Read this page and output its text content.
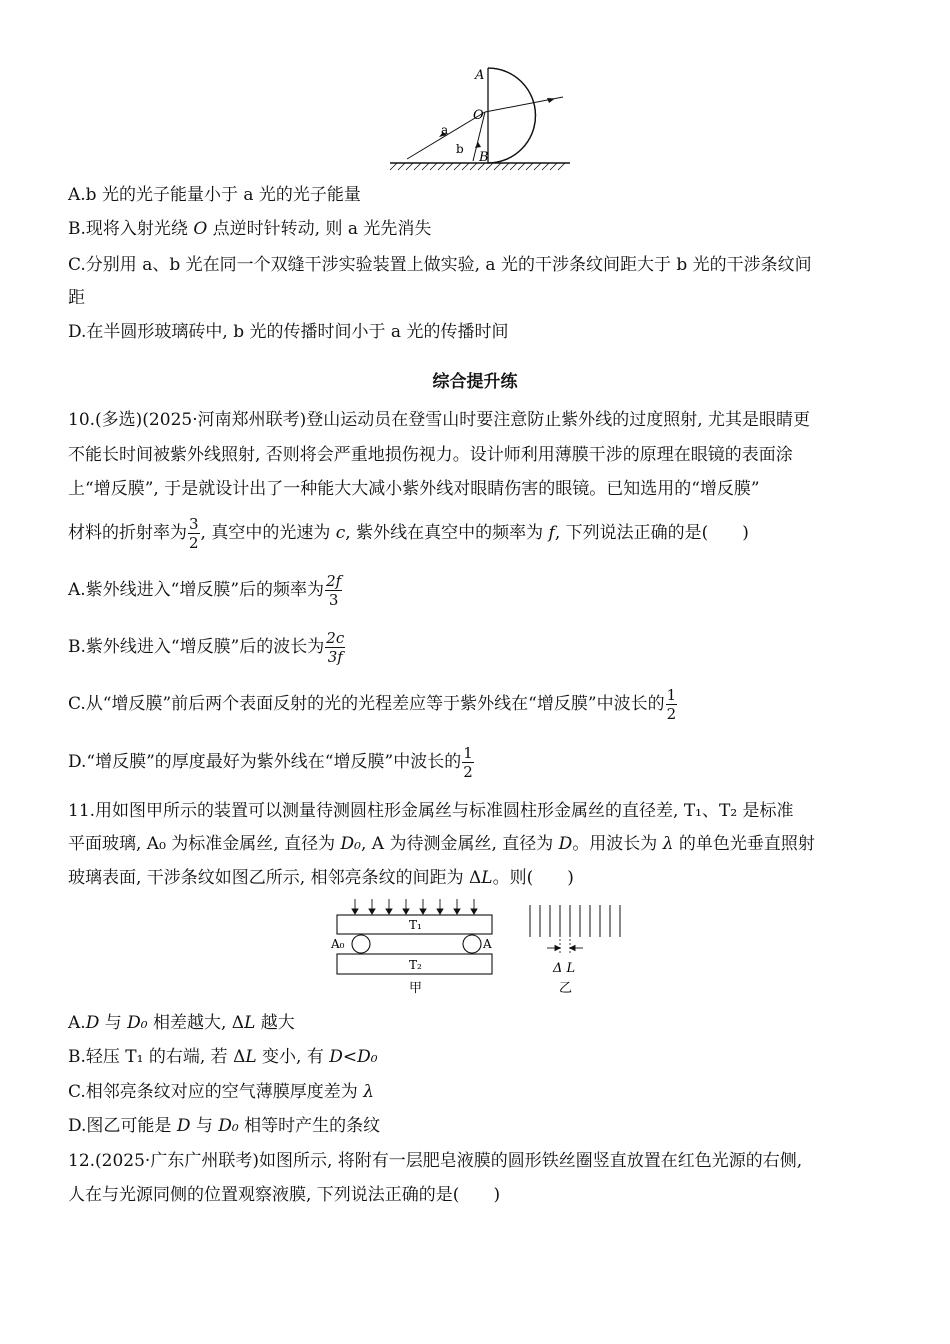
A
O
B
a
b
A.b 光的光子能量小于 a 光的光子能量
B.现将入射光绕 O 点逆时针转动, 则 a 光先消失
C.分别用 a、b 光在同一个双缝干涉实验装置上做实验, a 光的干涉条纹间距大于 b 光的干涉条纹间
距
D.在半圆形玻璃砖中, b 光的传播时间小于 a 光的传播时间
综合提升练
10.(多选)(2025·河南郑州联考)登山运动员在登雪山时要注意防止紫外线的过度照射, 尤其是眼睛更
不能长时间被紫外线照射, 否则将会严重地损伤视力。设计师利用薄膜干涉的原理在眼镜的表面涂
上“增反膜”, 于是就设计出了一种能大大减小紫外线对眼睛伤害的眼镜。已知选用的“增反膜”
材料的折射率为 $\frac{3}{2}$ , 真空中的光速为 c, 紫外线在真空中的频率为 f, 下列说法正确的是(　　)
A.紫外线进入“增反膜”后的频率为 $\frac{2f}{3}$
B.紫外线进入“增反膜”后的波长为 $\frac{2c}{3f}$
C.从“增反膜”前后两个表面反射的光的光程差应等于紫外线在“增反膜”中波长的 $\frac{1}{2}$
D.“增反膜”的厚度最好为紫外线在“增反膜”中波长的 $\frac{1}{2}$
11.用如图甲所示的装置可以测量待测圆柱形金属丝与标准圆柱形金属丝的直径差, T₁、T₂ 是标准
平面玻璃, A₀ 为标准金属丝, 直径为 D₀, A 为待测金属丝, 直径为 D。用波长为 λ 的单色光垂直照射
玻璃表面, 干涉条纹如图乙所示, 相邻亮条纹的间距为 ΔL。则(　　)
T₁
T₂
A₀	A
甲
Δ L
乙
A.D 与 D₀ 相差越大, ΔL 越大
B.轻压 T₁ 的右端, 若 ΔL 变小, 有 D<D₀
C.相邻亮条纹对应的空气薄膜厚度差为 λ
D.图乙可能是 D 与 D₀ 相等时产生的条纹
12.(2025·广东广州联考)如图所示, 将附有一层肥皂液膜的圆形铁丝圈竖直放置在红色光源的右侧,
人在与光源同侧的位置观察液膜, 下列说法正确的是(　　)
